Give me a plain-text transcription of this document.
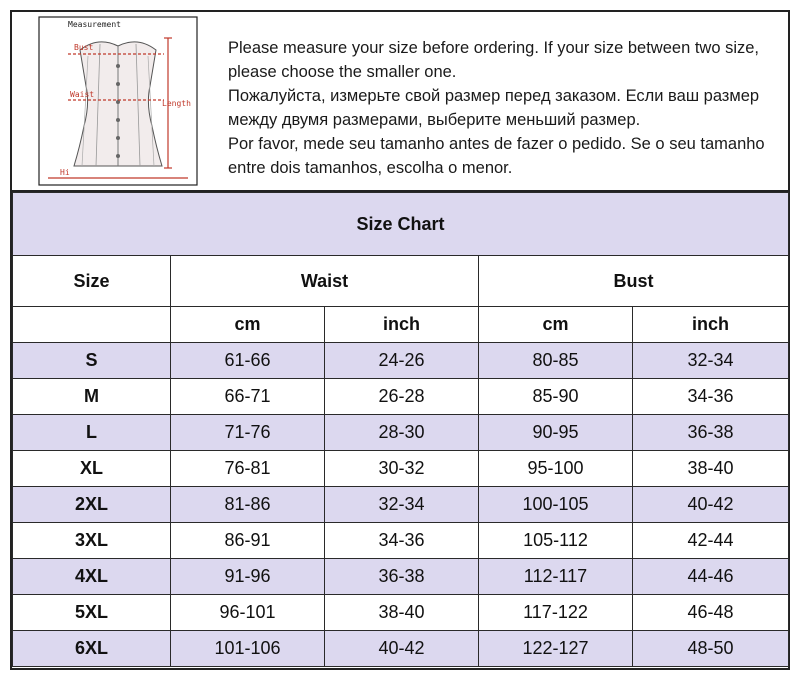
Measurement
Bust
Waist
Length
Hi

Please measure your size before ordering. If your size between two size, please choose the smaller one.

Пожалуйста, измерьте свой размер перед заказом. Если ваш размер между двумя размерами, выберите меньший размер.

Por favor, mede seu tamanho antes de fazer o pedido. Se o seu tamanho entre dois tamanhos, escolha o menor.

Size Chart				
Size	Waist		Bust	
	cm	inch	cm	inch
S	61-66	24-26	80-85	32-34
M	66-71	26-28	85-90	34-36
L	71-76	28-30	90-95	36-38
XL	76-81	30-32	95-100	38-40
2XL	81-86	32-34	100-105	40-42
3XL	86-91	34-36	105-112	42-44
4XL	91-96	36-38	112-117	44-46
5XL	96-101	38-40	117-122	46-48
6XL	101-106	40-42	122-127	48-50
